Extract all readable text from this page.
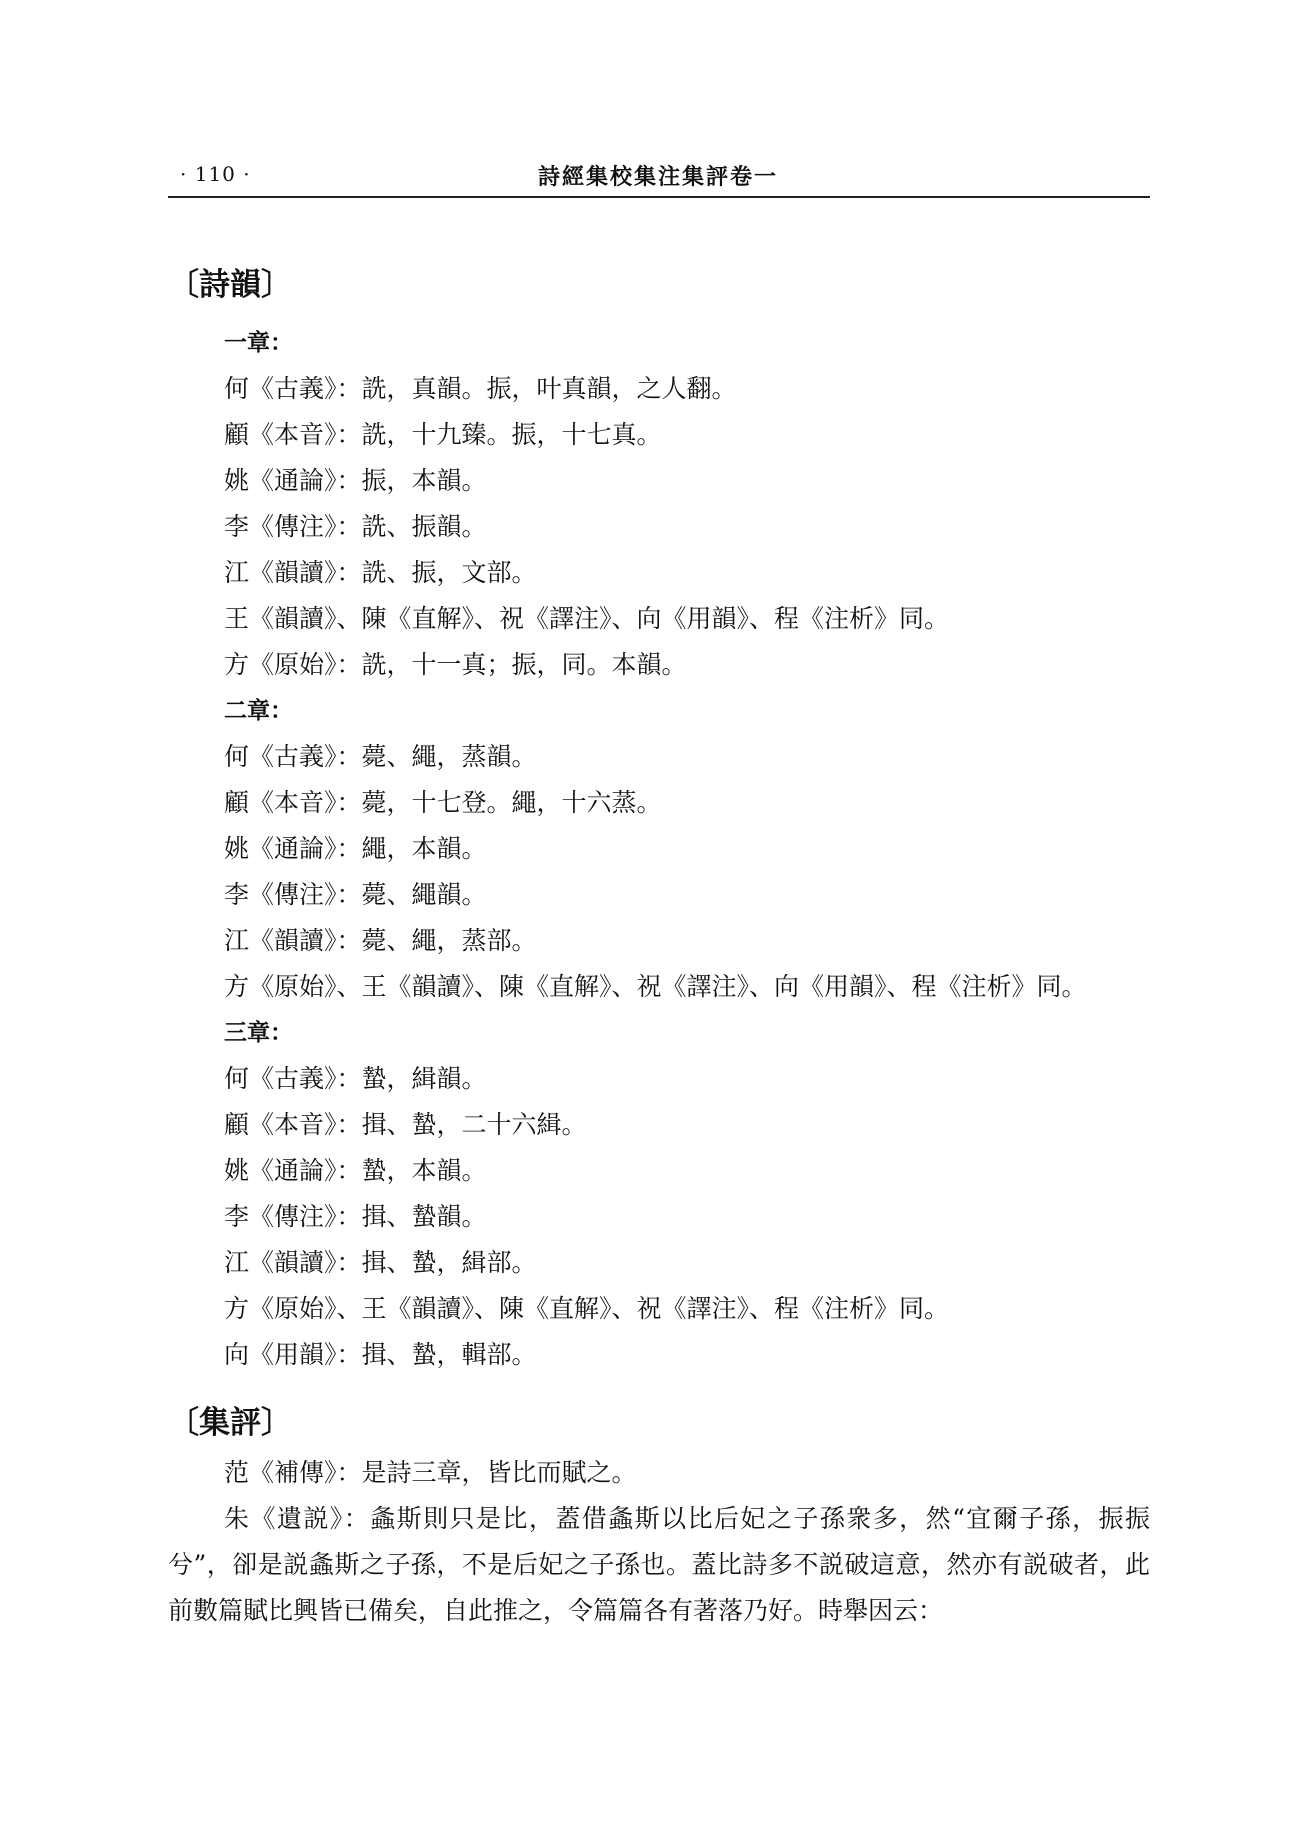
· 110 ·	詩經集校集注集評卷一
〔詩韻〕
一章：
何《古義》：詵，真韻。振，叶真韻，之人翻。
顧《本音》：詵，十九臻。振，十七真。
姚《通論》：振，本韻。
李《傳注》：詵、振韻。
江《韻讀》：詵、振，文部。
王《韻讀》、陳《直解》、祝《譯注》、向《用韻》、程《注析》同。
方《原始》：詵，十一真；振，同。本韻。
二章：
何《古義》：薨、繩，蒸韻。
顧《本音》：薨，十七登。繩，十六蒸。
姚《通論》：繩，本韻。
李《傳注》：薨、繩韻。
江《韻讀》：薨、繩，蒸部。

方《原始》、王《韻讀》、陳《直解》、祝《譯注》、向《用韻》、程《注析》同。

三章：
何《古義》：蟄，緝韻。
顧《本音》：揖、蟄，二十六緝。
姚《通論》：蟄，本韻。
李《傳注》：揖、蟄韻。
江《韻讀》：揖、蟄，緝部。
方《原始》、王《韻讀》、陳《直解》、祝《譯注》、程《注析》同。
向《用韻》：揖、蟄，輯部。
〔集評〕
范《補傳》：是詩三章，皆比而賦之。

朱《遺説》：螽斯則只是比，蓋借螽斯以比后妃之子孫衆多，然“宜爾子孫，振振兮”，卻是説螽斯之子孫，不是后妃之子孫也。蓋比詩多不説破這意，然亦有説破者，此前數篇賦比興皆已備矣，自此推之，令篇篇各有著落乃好。時舉因云：
